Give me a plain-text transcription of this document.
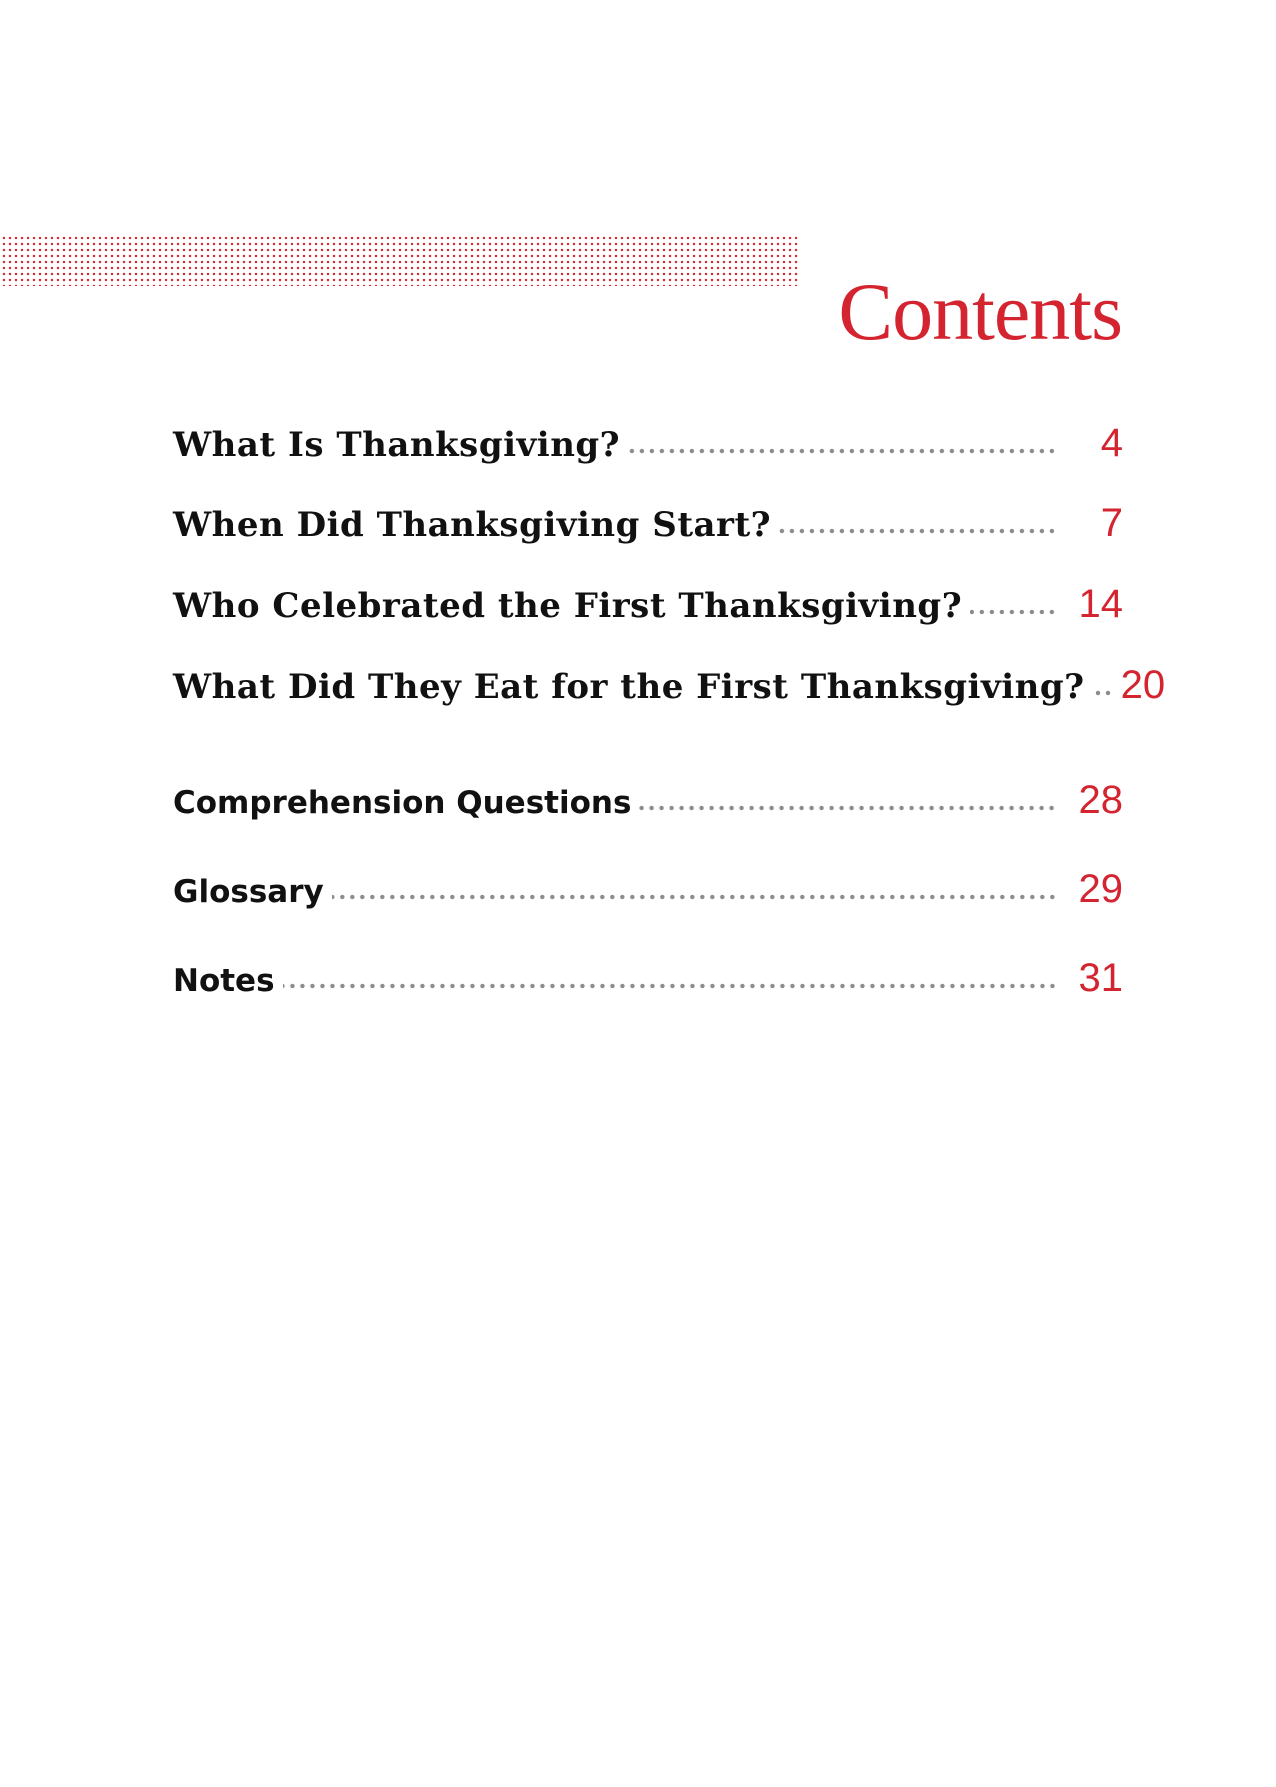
Contents
What Is Thanksgiving?	4
When Did Thanksgiving Start?	7
Who Celebrated the First Thanksgiving?	14
What Did They Eat for the First Thanksgiving? 20
Comprehension Questions	28
Glossary	29
Notes	31
